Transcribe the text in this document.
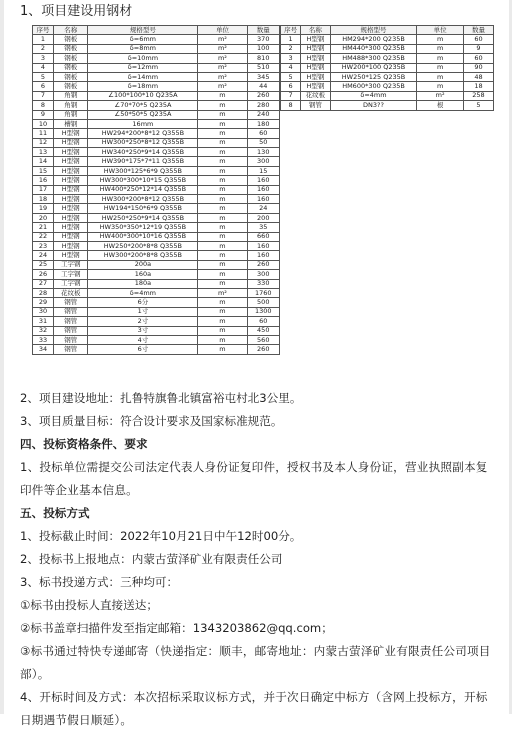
1、项目建设用钢材
序号	名称	规格型号	单位	数量
1	钢板	δ=6mm	m²	370
2	钢板	δ=8mm	m²	100
3	钢板	δ=10mm	m²	810
4	钢板	δ=12mm	m²	510
5	钢板	δ=14mm	m²	345
6	钢板	δ=18mm	m²	44
7	角钢	∠100*100*10 Q235A	m	260
8	角钢	∠70*70*5 Q235A	m	280
9	角钢	∠50*50*5 Q235A	m	240
10	槽钢	16mm	m	180
11	H型钢	HW294*200*8*12 Q355B	m	60
12	H型钢	HW300*250*8*12 Q355B	m	50
13	H型钢	HW340*250*9*14 Q355B	m	130
14	H型钢	HW390*175*7*11 Q355B	m	300
15	H型钢	HW300*125*6*9 Q355B	m	15
16	H型钢	HW300*300*10*15 Q355B	m	160
17	H型钢	HW400*250*12*14 Q355B	m	160
18	H型钢	HW300*200*8*12 Q355B	m	160
19	H型钢	HW194*150*6*9 Q355B	m	24
20	H型钢	HW250*250*9*14 Q355B	m	200
21	H型钢	HW350*350*12*19 Q355B	m	35
22	H型钢	HW400*300*10*16 Q355B	m	660
23	H型钢	HW250*200*8*8 Q355B	m	160
24	H型钢	HW300*200*8*8 Q355B	m	160
25	工字钢	200a	m	260
26	工字钢	160a	m	300
27	工字钢	180a	m	330
28	花纹板	δ=4mm	m²	1760
29	钢管	6分	m	500
30	钢管	1寸	m	1300
31	钢管	2寸	m	60
32	钢管	3寸	m	450
33	钢管	4寸	m	560
34	钢管	6寸	m	260
序号	名称	规格型号	单位	数量
1	H型钢	HM294*200 Q235B	m	60
2	H型钢	HM440*300 Q235B	m	9
3	H型钢	HM488*300 Q235B	m	60
4	H型钢	HW200*100 Q235B	m	90
5	H型钢	HW250*125 Q235B	m	48
6	H型钢	HM600*300 Q235B	m	18
7	花纹板	δ=4mm	m²	258
8	钢管	DN3??	根	5
2、项目建设地址：扎鲁特旗鲁北镇富裕屯村北3公里。
3、项目质量目标：符合设计要求及国家标准规范。
四、投标资格条件、要求
1、投标单位需提交公司法定代表人身份证复印件，授权书及本人身份证，营业执照副本复印件等企业基本信息。
五、投标方式
1、投标截止时间：2022年10月21日中午12时00分。
2、投标书上报地点：内蒙古萤泽矿业有限责任公司
3、标书投递方式：三种均可：
①标书由投标人直接送达；
②标书盖章扫描件发至指定邮箱：1343203862@qq.com；
③标书通过特快专递邮寄（快递指定：顺丰，邮寄地址：内蒙古萤泽矿业有限责任公司项目部）。
4、开标时间及方式：本次招标采取议标方式，并于次日确定中标方（含网上投标方，开标日期遇节假日顺延）。
